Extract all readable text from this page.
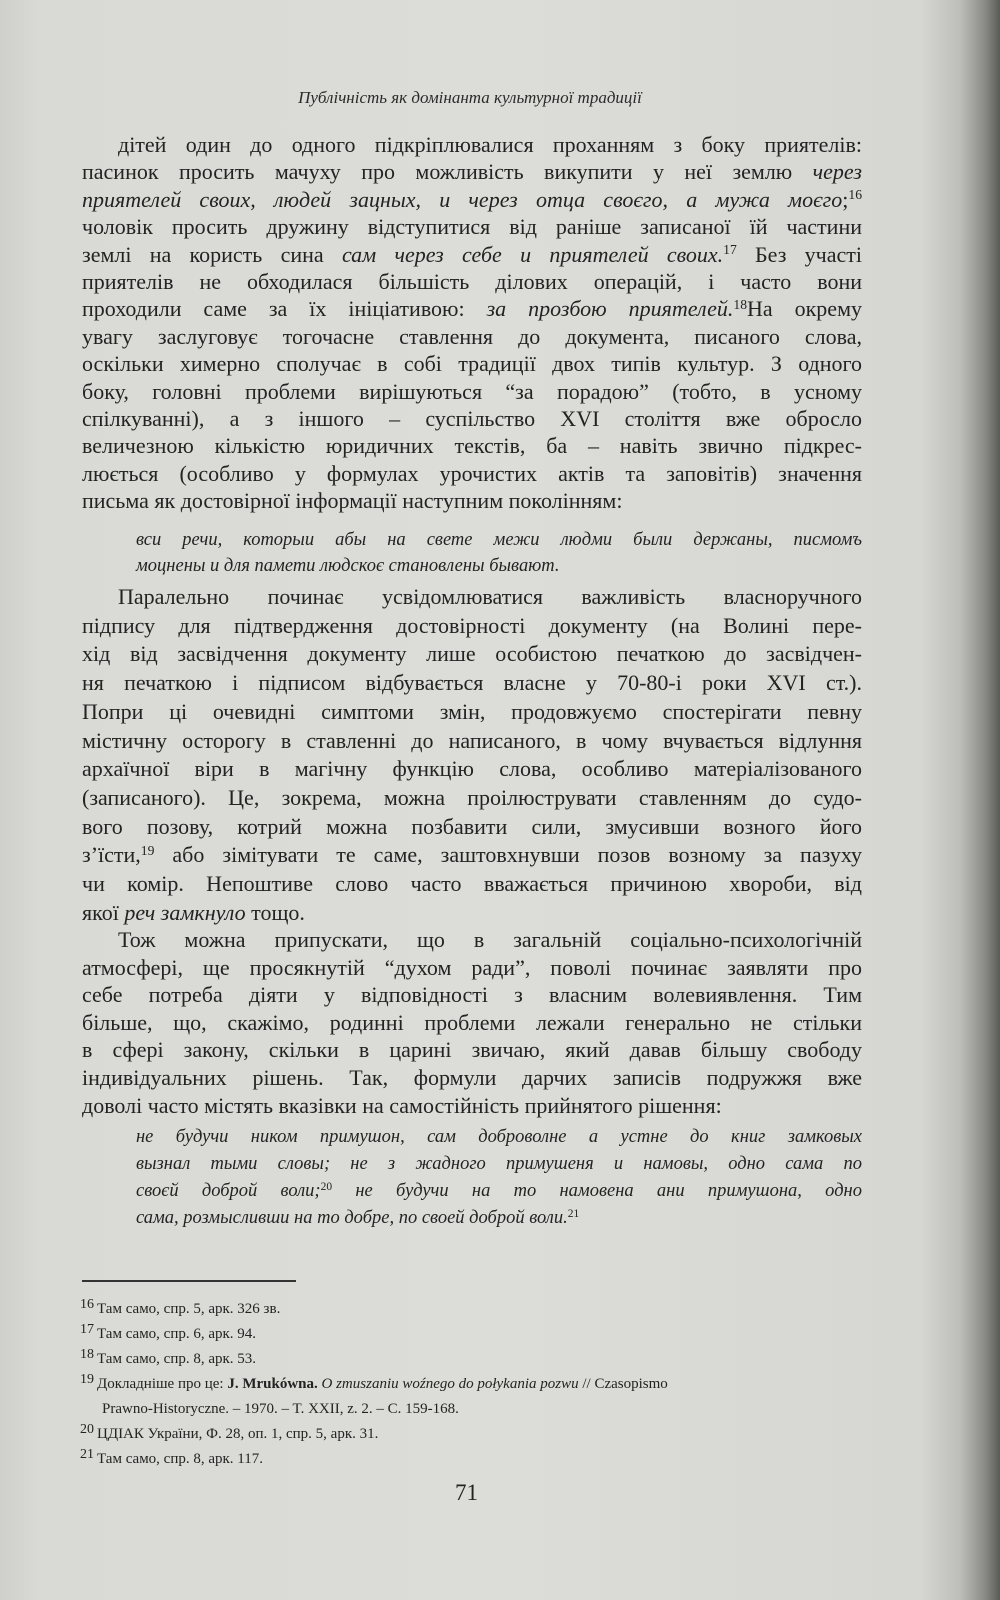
Публічність як домінанта культурної традиції
дітей один до одного підкріплювалися проханням з боку приятелів:
пасинок просить мачуху про можливість викупити у неї землю через
приятелей своих, людей зацных, и через отца своєго, а мужа моєго;$^{16}$
чоловік просить дружину відступитися від раніше записаної їй частини
землі на користь сина сам через себе и приятелей своих.$^{17}$ Без участі
приятелів не обходилася більшість ділових операцій, і часто вони
проходили саме за їх ініціативою: за прозбою приятелей.$^{18}$На окрему
увагу заслуговує тогочасне ставлення до документа, писаного слова,
оскільки химерно сполучає в собі традиції двох типів культур. З одного
боку, головні проблеми вирішуються “за порадою” (тобто, в усному
спілкуванні), а з іншого – суспільство XVI століття вже обросло
величезною кількістю юридичних текстів, ба – навіть звично підкрес-
люється (особливо у формулах урочистих актів та заповітів) значення
письма як достовірної інформації наступним поколінням:
вси речи, которыи абы на свете межи людми были держаны, писмомъ
моцнены и для памети людскоє становлены бывают.
Паралельно починає усвідомлюватися важливість власноручного
підпису для підтвердження достовірності документу (на Волині пере-
хід від засвідчення документу лише особистою печаткою до засвідчен-
ня печаткою і підписом відбувається власне у 70-80-і роки XVI ст.).
Попри ці очевидні симптоми змін, продовжуємо спостерігати певну
містичну осторогу в ставленні до написаного, в чому вчувається відлуння
архаїчної віри в магічну функцію слова, особливо матеріалізованого
(записаного). Це, зокрема, можна проілюструвати ставленням до судо-
вого позову, котрий можна позбавити сили, змусивши возного його
з’їсти,$^{19}$ або зімітувати те саме, заштовхнувши позов возному за пазуху
чи комір. Непоштиве слово часто вважається причиною хвороби, від
якої реч замкнуло тощо.
Тож можна припускати, що в загальній соціально-психологічній
атмосфері, ще просякнутій “духом ради”, поволі починає заявляти про
себе потреба діяти у відповідності з власним волевиявлення. Тим
більше, що, скажімо, родинні проблеми лежали генерально не стільки
в сфері закону, скільки в царині звичаю, який давав більшу свободу
індивідуальних рішень. Так, формули дарчих записів подружжя вже
доволі часто містять вказівки на самостійність прийнятого рішення:
не будучи ником примушон, сам доброволне а устне до книг замковых
вызнал тыми словы; не з жадного примушеня и намовы, одно сама по
своєй доброй воли;$^{20}$ не будучи на то намовена ани примушона, одно
сама, розмысливши на то добре, по своей доброй воли.$^{21}$
16 Там само, спр. 5, арк. 326 зв.
17 Там само, спр. 6, арк. 94.
18 Там само, спр. 8, арк. 53.
19 Докладніше про це: J. Mrukówna. O zmuszaniu woźnego do połykania pozwu // Czasopismo
Prawno-Historyczne. – 1970. – T. XXII, z. 2. – C. 159-168.
20 ЦДІАК України, Ф. 28, оп. 1, спр. 5, арк. 31.
21 Там само, спр. 8, арк. 117.
71
